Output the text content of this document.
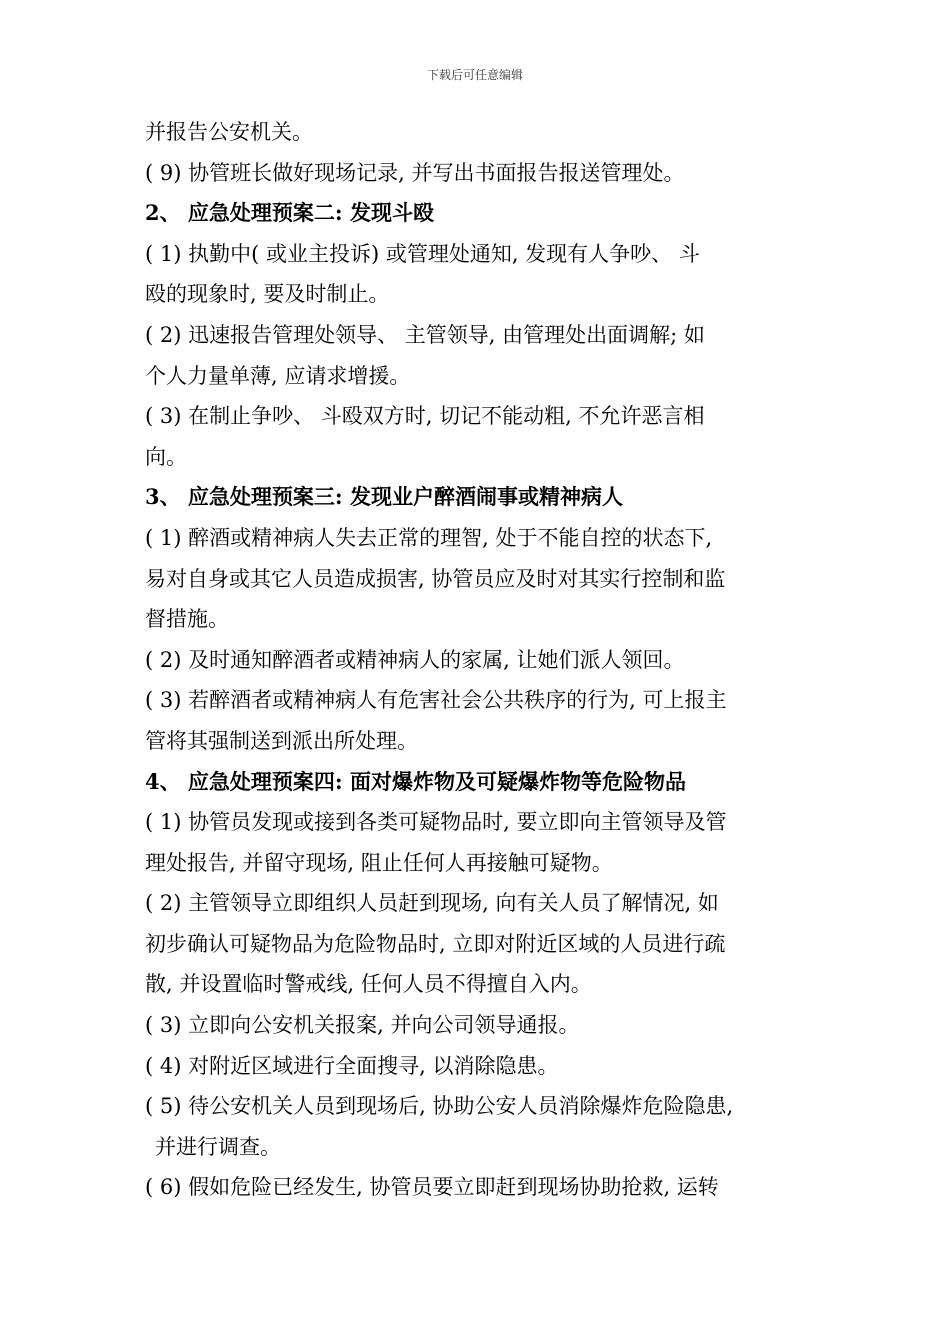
下载后可任意编辑
并报告公安机关。
( 9) 协管班长做好现场记录, 并写出书面报告报送管理处。
2、 应急处理预案二: 发现斗殴
( 1) 执勤中( 或业主投诉) 或管理处通知, 发现有人争吵、 斗
殴的现象时, 要及时制止。
( 2) 迅速报告管理处领导、 主管领导, 由管理处出面调解; 如
个人力量单薄, 应请求增援。
( 3) 在制止争吵、 斗殴双方时, 切记不能动粗, 不允许恶言相
向。
3、 应急处理预案三: 发现业户醉酒闹事或精神病人
( 1) 醉酒或精神病人失去正常的理智, 处于不能自控的状态下,
易对自身或其它人员造成损害, 协管员应及时对其实行控制和监
督措施。
( 2) 及时通知醉酒者或精神病人的家属, 让她们派人领回。
( 3) 若醉酒者或精神病人有危害社会公共秩序的行为, 可上报主
管将其强制送到派出所处理。
4、 应急处理预案四: 面对爆炸物及可疑爆炸物等危险物品
( 1) 协管员发现或接到各类可疑物品时, 要立即向主管领导及管
理处报告, 并留守现场, 阻止任何人再接触可疑物。
( 2) 主管领导立即组织人员赶到现场, 向有关人员了解情况, 如
初步确认可疑物品为危险物品时, 立即对附近区域的人员进行疏
散, 并设置临时警戒线, 任何人员不得擅自入内。
( 3) 立即向公安机关报案, 并向公司领导通报。
( 4) 对附近区域进行全面搜寻, 以消除隐患。
( 5) 待公安机关人员到现场后, 协助公安人员消除爆炸危险隐患,
并进行调查。
( 6) 假如危险已经发生, 协管员要立即赶到现场协助抢救, 运转
